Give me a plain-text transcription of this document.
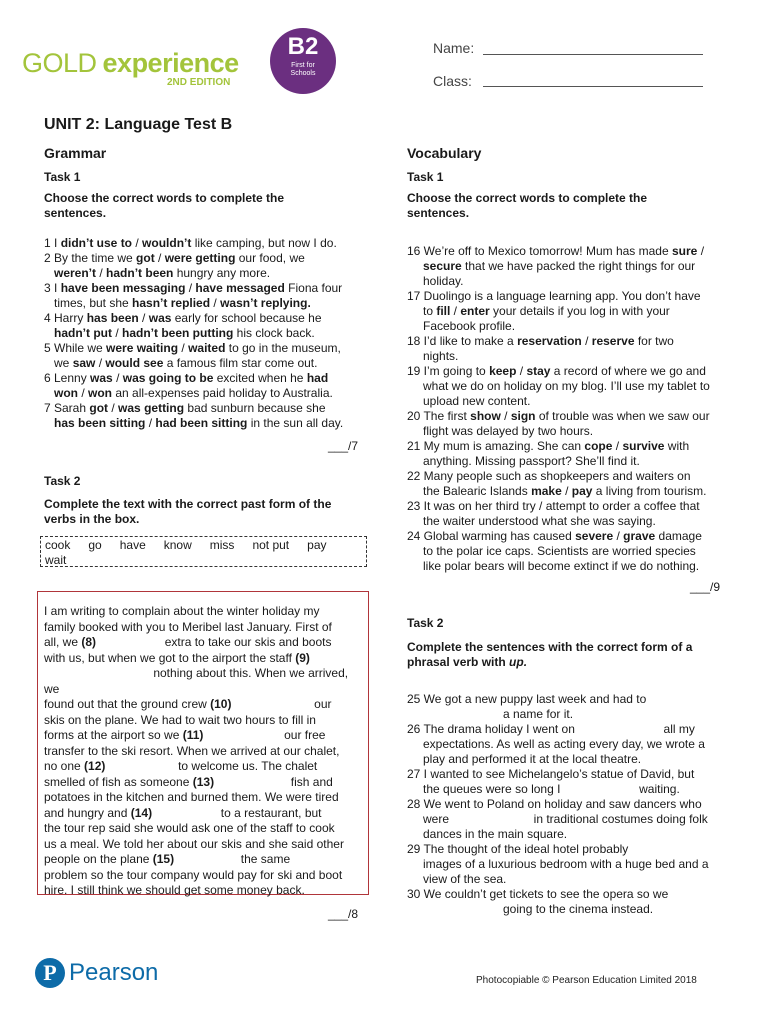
GOLD experience
2ND EDITION
B2
First for
Schools
Name:
Class:
UNIT 2: Language Test B
Grammar
Task 1
Choose the correct words to complete the
sentences.

1 I didn’t use to / wouldn’t like camping, but now I do.

2 By the time we got / were getting our food, we

weren’t / hadn’t been hungry any more.

3 I have been messaging / have messaged Fiona four

times, but she hasn’t replied / wasn’t replying.

4 Harry has been / was early for school because he

hadn’t put / hadn’t been putting his clock back.

5 While we were waiting / waited to go in the museum,

we saw / would see a famous film star come out.

6 Lenny was / was going to be excited when he had

won / won an all-expenses paid holiday to Australia.

7 Sarah got / was getting bad sunburn because she

has been sitting / had been sitting in the sun all day.

___/7
Task 2
Complete the text with the correct past form of the
verbs in the box.
cook go have know miss not put pay
wait

I am writing to complain about the winter holiday my

family booked with you to Meribel last January. First of

all, we (8)	extra to take our skis and boots

with us, but when we got to the airport the staff (9)

nothing about this. When we arrived, we

found out that the ground crew (10)	our

skis on the plane. We had to wait two hours to fill in

forms at the airport so we (11)	our free

transfer to the ski resort. When we arrived at our chalet,

no one (12)	to welcome us. The chalet

smelled of fish as someone (13)	fish and

potatoes in the kitchen and burned them. We were tired

and hungry and (14)	to a restaurant, but

the tour rep said she would ask one of the staff to cook

us a meal. We told her about our skis and she said other

people on the plane (15)	the same

problem so the tour company would pay for ski and boot

hire. I still think we should get some money back.

___/8
Vocabulary
Task 1
Choose the correct words to complete the
sentences.

16 We’re off to Mexico tomorrow! Mum has made sure /

secure that we have packed the right things for our

holiday.

17 Duolingo is a language learning app. You don’t have

to fill / enter your details if you log in with your

Facebook profile.

18 I’d like to make a reservation / reserve for two

nights.

19 I’m going to keep / stay a record of where we go and

what we do on holiday on my blog. I’ll use my tablet to

upload new content.

20 The first show / sign of trouble was when we saw our

flight was delayed by two hours.

21 My mum is amazing. She can cope / survive with

anything. Missing passport? She’ll find it.

22 Many people such as shopkeepers and waiters on

the Balearic Islands make / pay a living from tourism.

23 It was on her third try / attempt to order a coffee that

the waiter understood what she was saying.

24 Global warming has caused severe / grave damage

to the polar ice caps. Scientists are worried species

like polar bears will become extinct if we do nothing.

___/9
Task 2
Complete the sentences with the correct form of a
phrasal verb with up.

25 We got a new puppy last week and had to

a name for it.

26 The drama holiday I went on	all my

expectations. As well as acting every day, we wrote a

play and performed it at the local theatre.

27 I wanted to see Michelangelo’s statue of David, but

the queues were so long I	waiting.

28 We went to Poland on holiday and saw dancers who

were	in traditional costumes doing folk

dances in the main square.

29 The thought of the ideal hotel probably

images of a luxurious bedroom with a huge bed and a

view of the sea.

30 We couldn’t get tickets to see the opera so we

going to the cinema instead.

P Pearson	Photocopiable © Pearson Education Limited 2018
